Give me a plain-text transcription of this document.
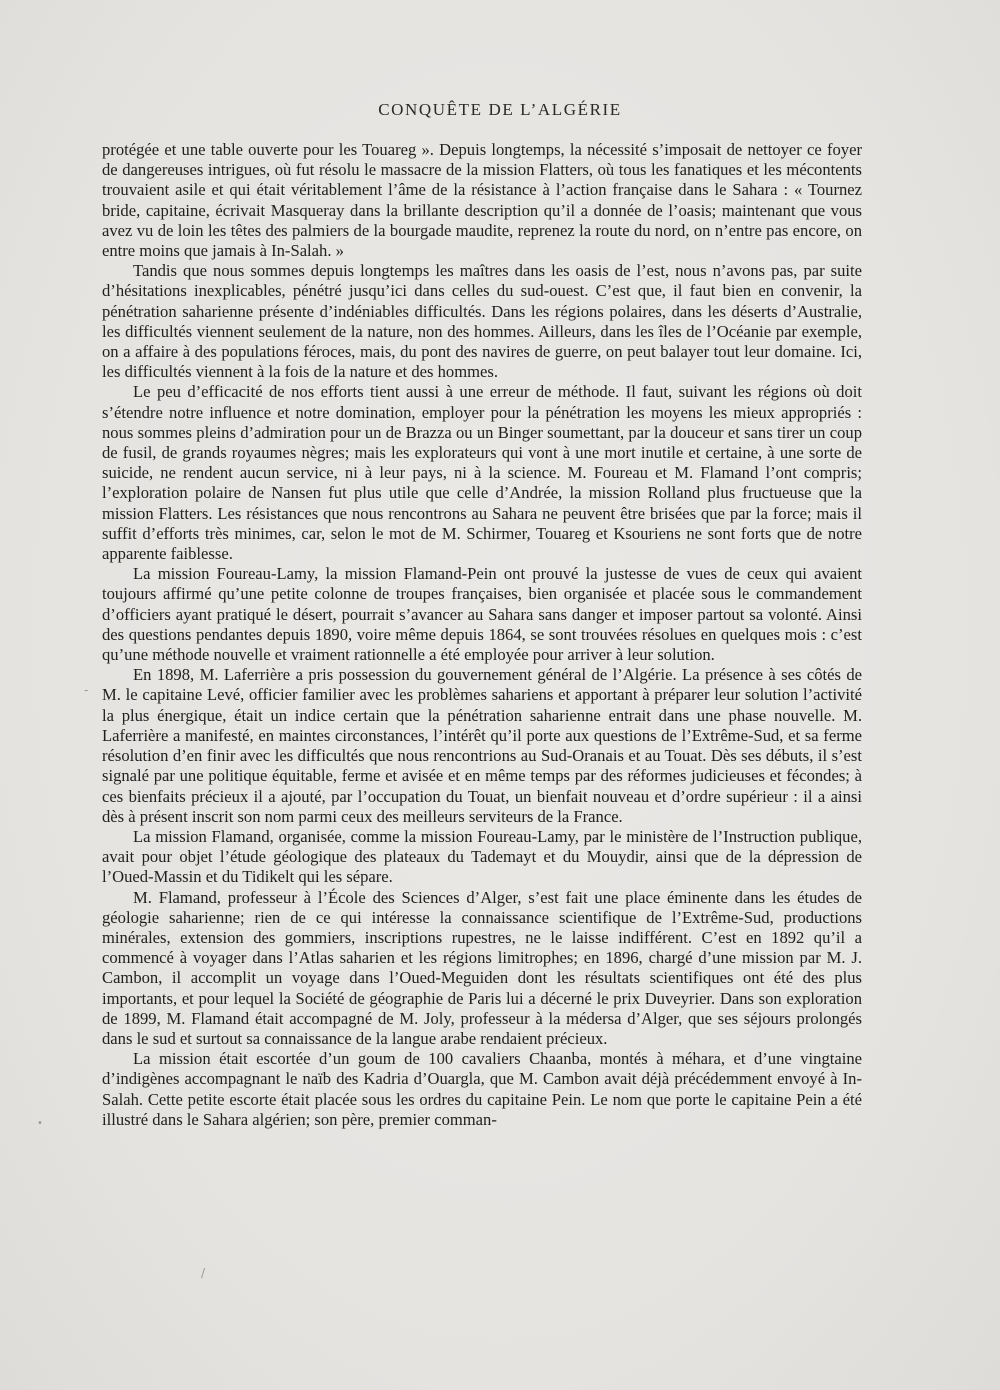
CONQUÊTE DE L’ALGÉRIE

protégée et une table ouverte pour les Touareg ». Depuis longtemps, la nécessité s’imposait de nettoyer ce foyer de dangereuses intrigues, où fut résolu le massacre de la mission Flatters, où tous les fanatiques et les mécontents trouvaient asile et qui était véritablement l’âme de la résistance à l’action française dans le Sahara : « Tournez bride, capitaine, écrivait Masqueray dans la brillante description qu’il a donnée de l’oasis; maintenant que vous avez vu de loin les têtes des palmiers de la bourgade maudite, reprenez la route du nord, on n’entre pas encore, on entre moins que jamais à In-Salah. »

Tandis que nous sommes depuis longtemps les maîtres dans les oasis de l’est, nous n’avons pas, par suite d’hésitations inexplicables, pénétré jusqu’ici dans celles du sud-ouest. C’est que, il faut bien en convenir, la pénétration saharienne présente d’indéniables difficultés. Dans les régions polaires, dans les déserts d’Australie, les difficultés viennent seulement de la nature, non des hommes. Ailleurs, dans les îles de l’Océanie par exemple, on a affaire à des populations féroces, mais, du pont des navires de guerre, on peut balayer tout leur domaine. Ici, les difficultés viennent à la fois de la nature et des hommes.

Le peu d’efficacité de nos efforts tient aussi à une erreur de méthode. Il faut, suivant les régions où doit s’étendre notre influence et notre domination, employer pour la pénétration les moyens les mieux appropriés : nous sommes pleins d’admiration pour un de Brazza ou un Binger soumettant, par la douceur et sans tirer un coup de fusil, de grands royaumes nègres; mais les explorateurs qui vont à une mort inutile et certaine, à une sorte de suicide, ne rendent aucun service, ni à leur pays, ni à la science. M. Foureau et M. Flamand l’ont compris; l’exploration polaire de Nansen fut plus utile que celle d’Andrée, la mission Rolland plus fructueuse que la mission Flatters. Les résistances que nous rencontrons au Sahara ne peuvent être brisées que par la force; mais il suffit d’efforts très minimes, car, selon le mot de M. Schirmer, Touareg et Ksouriens ne sont forts que de notre apparente faiblesse.

La mission Foureau-Lamy, la mission Flamand-Pein ont prouvé la justesse de vues de ceux qui avaient toujours affirmé qu’une petite colonne de troupes françaises, bien organisée et placée sous le commandement d’officiers ayant pratiqué le désert, pourrait s’avancer au Sahara sans danger et imposer partout sa volonté. Ainsi des questions pendantes depuis 1890, voire même depuis 1864, se sont trouvées résolues en quelques mois : c’est qu’une méthode nouvelle et vraiment rationnelle a été employée pour arriver à leur solution.

En 1898, M. Laferrière a pris possession du gouvernement général de l’Algérie. La présence à ses côtés de M. le capitaine Levé, officier familier avec les problèmes sahariens et apportant à préparer leur solution l’activité la plus énergique, était un indice certain que la pénétration saharienne entrait dans une phase nouvelle. M. Laferrière a manifesté, en maintes circonstances, l’intérêt qu’il porte aux questions de l’Extrême-Sud, et sa ferme résolution d’en finir avec les difficultés que nous rencontrions au Sud-Oranais et au Touat. Dès ses débuts, il s’est signalé par une politique équitable, ferme et avisée et en même temps par des réformes judicieuses et fécondes; à ces bienfaits précieux il a ajouté, par l’occupation du Touat, un bienfait nouveau et d’ordre supérieur : il a ainsi dès à présent inscrit son nom parmi ceux des meilleurs serviteurs de la France.

La mission Flamand, organisée, comme la mission Foureau-Lamy, par le ministère de l’Instruction publique, avait pour objet l’étude géologique des plateaux du Tademayt et du Mouydir, ainsi que de la dépression de l’Oued-Massin et du Tidikelt qui les sépare.

M. Flamand, professeur à l’École des Sciences d’Alger, s’est fait une place éminente dans les études de géologie saharienne; rien de ce qui intéresse la connaissance scientifique de l’Extrême-Sud, productions minérales, extension des gommiers, inscriptions rupestres, ne le laisse indifférent. C’est en 1892 qu’il a commencé à voyager dans l’Atlas saharien et les régions limitrophes; en 1896, chargé d’une mission par M. J. Cambon, il accomplit un voyage dans l’Oued-Meguiden dont les résultats scientifiques ont été des plus importants, et pour lequel la Société de géographie de Paris lui a décerné le prix Duveyrier. Dans son exploration de 1899, M. Flamand était accompagné de M. Joly, professeur à la médersa d’Alger, que ses séjours prolongés dans le sud et surtout sa connaissance de la langue arabe rendaient précieux.

La mission était escortée d’un goum de 100 cavaliers Chaanba, montés à méhara, et d’une vingtaine d’indigènes accompagnant le naïb des Kadria d’Ouargla, que M. Cambon avait déjà précédemment envoyé à In-Salah. Cette petite escorte était placée sous les ordres du capitaine Pein. Le nom que porte le capitaine Pein a été illustré dans le Sahara algérien; son père, premier comman-

-
•
/
